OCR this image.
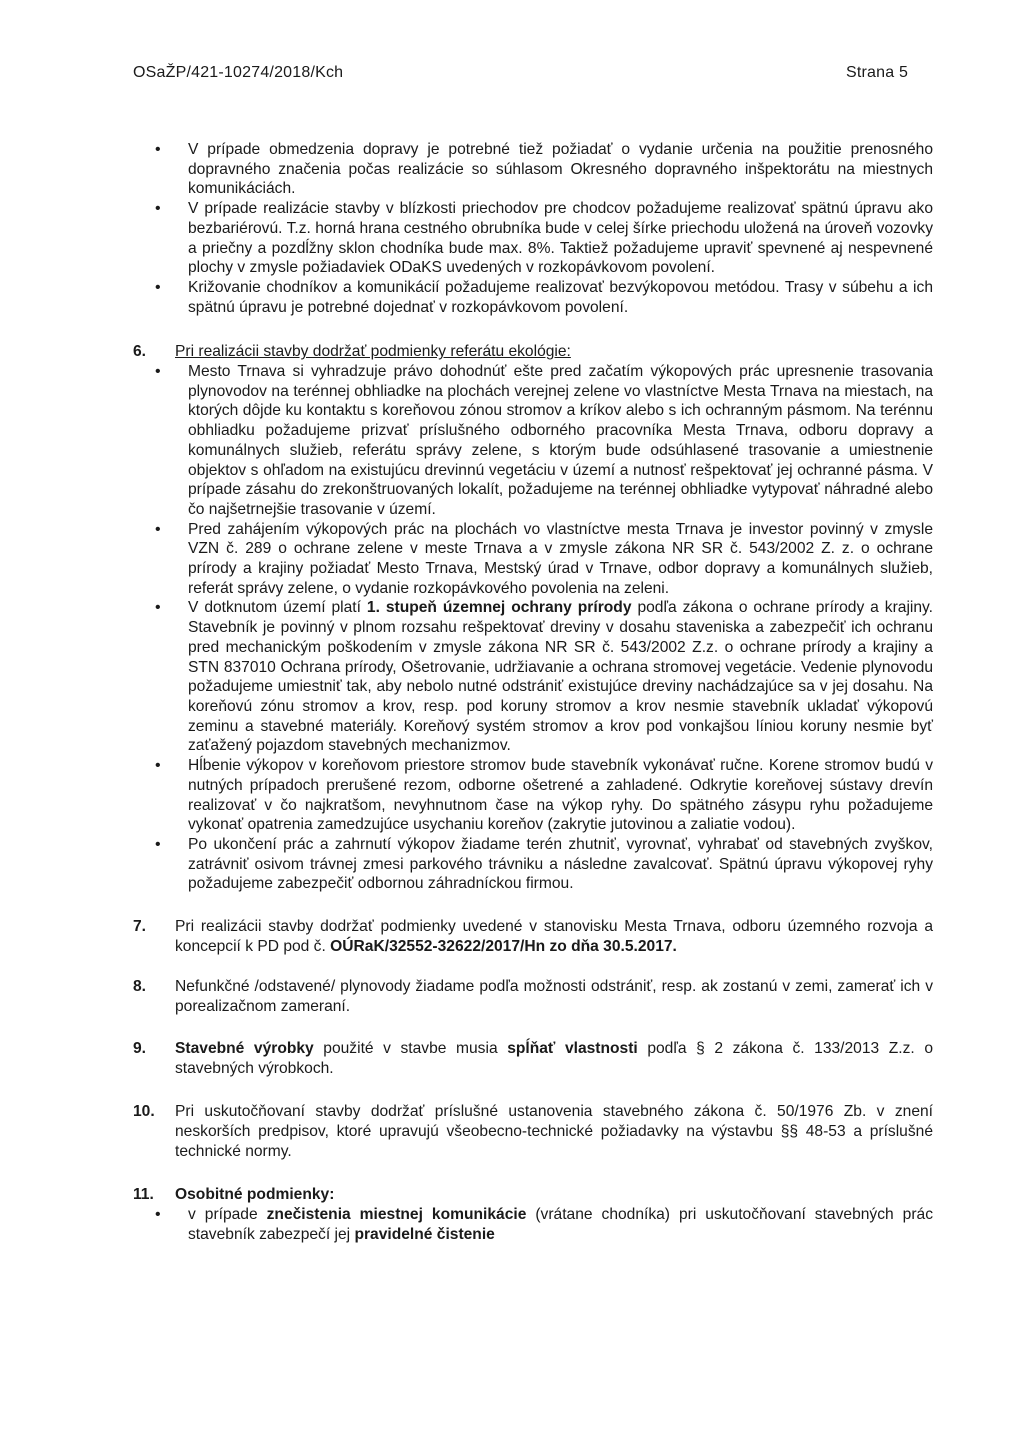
OSaŽP/421-10274/2018/Kch	Strana 5
• V prípade obmedzenia dopravy je potrebné tiež požiadať o vydanie určenia na použitie prenosného dopravného značenia počas realizácie so súhlasom Okresného dopravného inšpektorátu na miestnych komunikáciách.
• V prípade realizácie stavby v blízkosti priechodov pre chodcov požadujeme realizovať spätnú úpravu ako bezbariérovú. T.z. horná hrana cestného obrubníka bude v celej šírke priechodu uložená na úroveň vozovky a priečny a pozdĺžny sklon chodníka bude max. 8%. Taktiež požadujeme upraviť spevnené aj nespevnené plochy v zmysle požiadaviek ODaKS uvedených v rozkopávkovom povolení.
• Križovanie chodníkov a komunikácií požadujeme realizovať bezvýkopovou metódou. Trasy v súbehu a ich spätnú úpravu je potrebné dojednať v rozkopávkovom povolení.
6. Pri realizácii stavby dodržať podmienky referátu ekológie:
• Mesto Trnava si vyhradzuje právo dohodnúť ešte pred začatím výkopových prác upresnenie trasovania plynovodov na terénnej obhliadke na plochách verejnej zelene vo vlastníctve Mesta Trnava na miestach, na ktorých dôjde ku kontaktu s koreňovou zónou stromov a kríkov alebo s ich ochranným pásmom. Na terénnu obhliadku požadujeme prizvať príslušného odborného pracovníka Mesta Trnava, odboru dopravy a komunálnych služieb, referátu správy zelene, s ktorým bude odsúhlasené trasovanie a umiestnenie objektov s ohľadom na existujúcu drevinnú vegetáciu v území a nutnosť rešpektovať jej ochranné pásma. V prípade zásahu do zrekonštruovaných lokalít, požadujeme na terénnej obhliadke vytypovať náhradné alebo čo najšetrnejšie trasovanie v území.
• Pred zahájením výkopových prác na plochách vo vlastníctve mesta Trnava je investor povinný v zmysle VZN č. 289 o ochrane zelene v meste Trnava a v zmysle zákona NR SR č. 543/2002 Z. z. o ochrane prírody a krajiny požiadať Mesto Trnava, Mestský úrad v Trnave, odbor dopravy a komunálnych služieb, referát správy zelene, o vydanie rozkopávkového povolenia na zeleni.
• V dotknutom území platí 1. stupeň územnej ochrany prírody podľa zákona o ochrane prírody a krajiny. Stavebník je povinný v plnom rozsahu rešpektovať dreviny v dosahu staveniska a zabezpečiť ich ochranu pred mechanickým poškodením v zmysle zákona NR SR č. 543/2002 Z.z. o ochrane prírody a krajiny a STN 837010 Ochrana prírody, Ošetrovanie, udržiavanie a ochrana stromovej vegetácie. Vedenie plynovodu požadujeme umiestniť tak, aby nebolo nutné odstrániť existujúce dreviny nachádzajúce sa v jej dosahu. Na koreňovú zónu stromov a krov, resp. pod koruny stromov a krov nesmie stavebník ukladať výkopovú zeminu a stavebné materiály. Koreňový systém stromov a krov pod vonkajšou líniou koruny nesmie byť zaťažený pojazdom stavebných mechanizmov.
• Hĺbenie výkopov v koreňovom priestore stromov bude stavebník vykonávať ručne. Korene stromov budú v nutných prípadoch prerušené rezom, odborne ošetrené a zahladené. Odkrytie koreňovej sústavy drevín realizovať v čo najkratšom, nevyhnutnom čase na výkop ryhy. Do spätného zásypu ryhu požadujeme vykonať opatrenia zamedzujúce usychaniu koreňov (zakrytie jutovinou a zaliatie vodou).
• Po ukončení prác a zahrnutí výkopov žiadame terén zhutniť, vyrovnať, vyhrabať od stavebných zvyškov, zatrávniť osivom trávnej zmesi parkového trávniku a následne zavalcovať. Spätnú úpravu výkopovej ryhy požadujeme zabezpečiť odbornou záhradníckou firmou.
7. Pri realizácii stavby dodržať podmienky uvedené v stanovisku Mesta Trnava, odboru územného rozvoja a koncepcií k PD pod č. OÚRaK/32552-32622/2017/Hn zo dňa 30.5.2017.
8. Nefunkčné /odstavené/ plynovody žiadame podľa možnosti odstrániť, resp. ak zostanú v zemi, zamerať ich v porealizačnom zameraní.
9. Stavebné výrobky použité v stavbe musia spĺňať vlastnosti podľa § 2 zákona č. 133/2013 Z.z. o stavebných výrobkoch.
10. Pri uskutočňovaní stavby dodržať príslušné ustanovenia stavebného zákona č. 50/1976 Zb. v znení neskorších predpisov, ktoré upravujú všeobecno-technické požiadavky na výstavbu §§ 48-53 a príslušné technické normy.
11. Osobitné podmienky:
• v prípade znečistenia miestnej komunikácie (vrátane chodníka) pri uskutočňovaní stavebných prác stavebník zabezpečí jej pravidelné čistenie
